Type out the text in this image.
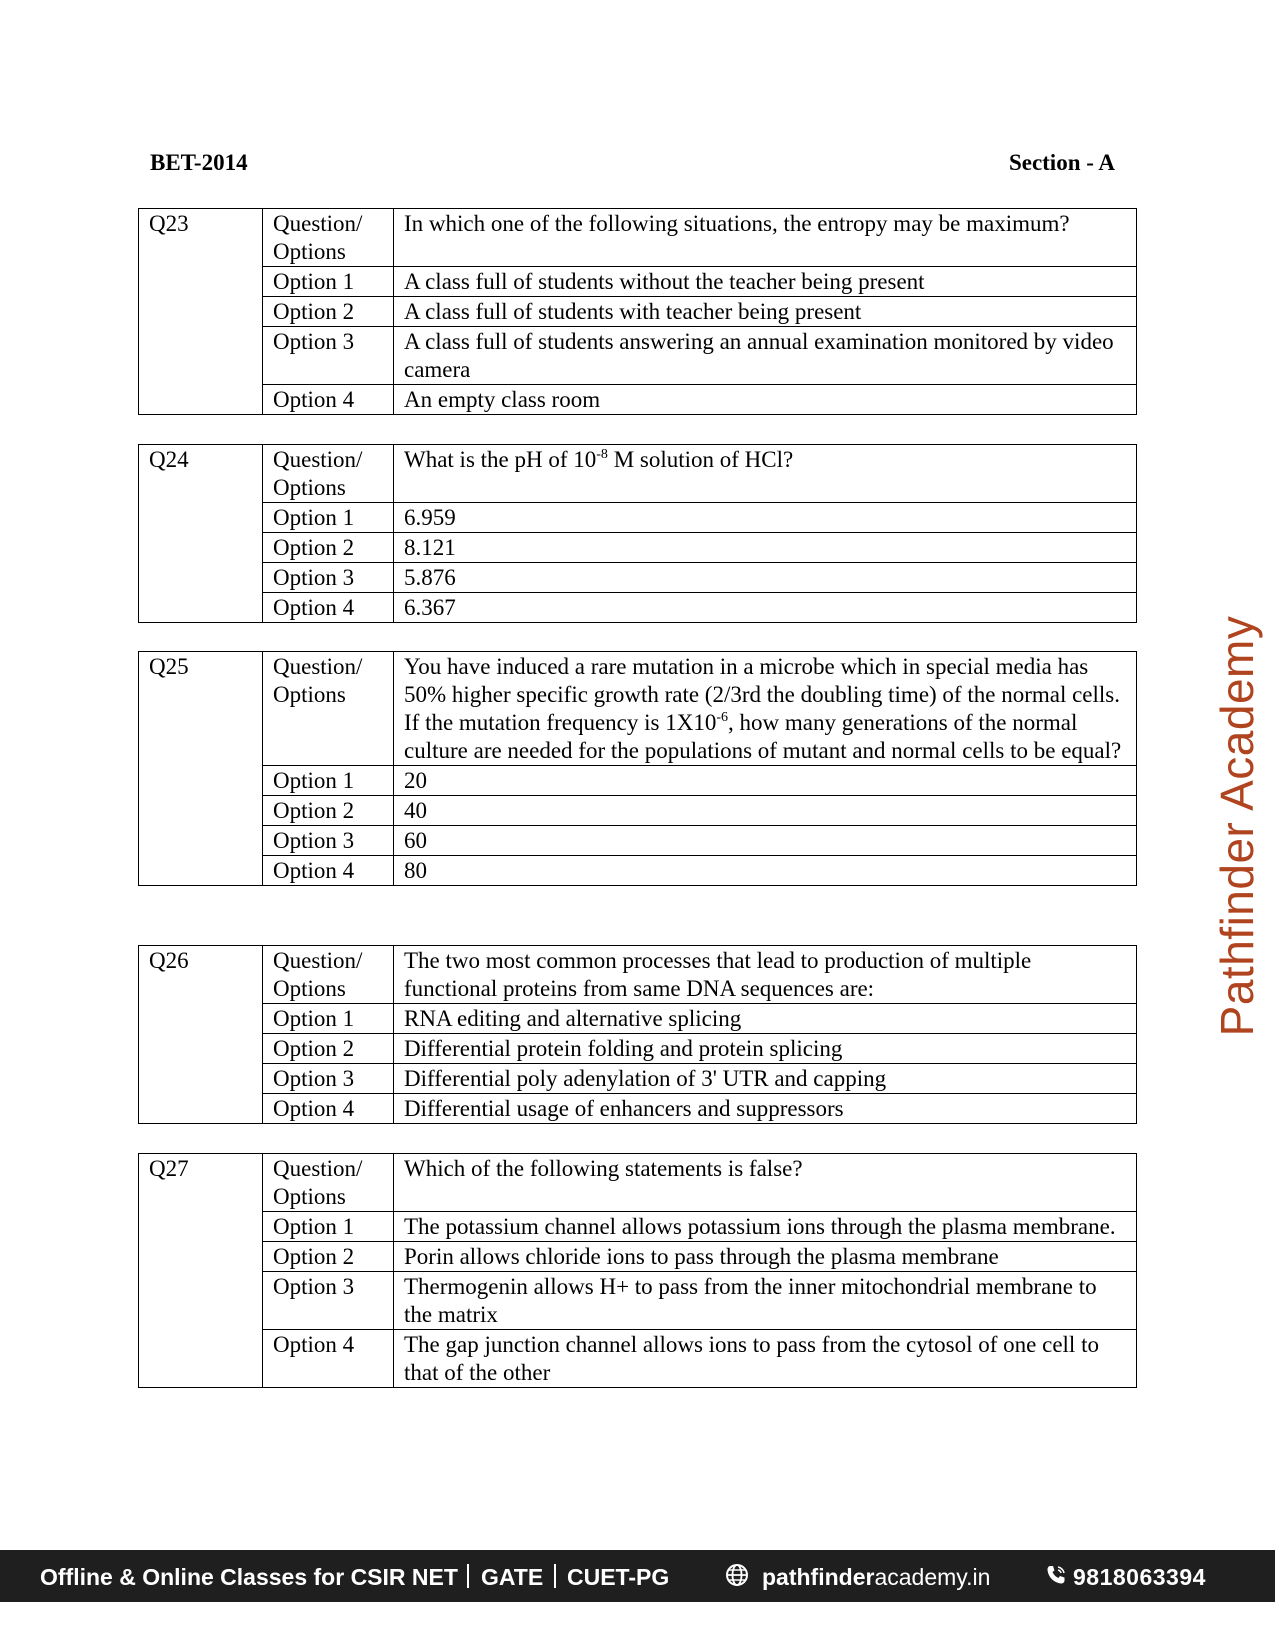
BET-2014	Section - A
Q23	Question/ Options	In which one of the following situations, the entropy may be maximum?
	Option 1	A class full of students without the teacher being present
	Option 2	A class full of students with teacher being present
	Option 3	A class full of students answering an annual examination monitored by video camera
	Option 4	An empty class room
Q24	Question/ Options	What is the pH of $10^{-8}$ M solution of HCl?
	Option 1	6.959
	Option 2	8.121
	Option 3	5.876
	Option 4	6.367
Q25	Question/ Options	You have induced a rare mutation in a microbe which in special media has 50% higher specific growth rate (2/3rd the doubling time) of the normal cells. If the mutation frequency is $1X10^{-6}$, how many generations of the normal culture are needed for the populations of mutant and normal cells to be equal?
	Option 1	20
	Option 2	40
	Option 3	60
	Option 4	80
Q26	Question/ Options	The two most common processes that lead to production of multiple functional proteins from same DNA sequences are:
	Option 1	RNA editing and alternative splicing
	Option 2	Differential protein folding and protein splicing
	Option 3	Differential poly adenylation of 3' UTR and capping
	Option 4	Differential usage of enhancers and suppressors
Q27	Question/ Options	Which of the following statements is false?
	Option 1	The potassium channel allows potassium ions through the plasma membrane.
	Option 2	Porin allows chloride ions to pass through the plasma membrane
	Option 3	Thermogenin allows H+ to pass from the inner mitochondrial membrane to the matrix
	Option 4	The gap junction channel allows ions to pass from the cytosol of one cell to that of the other
Pathfinder Academy
Offline & Online Classes for CSIR NET GATE CUET-PG	pathfinderacademy.in	9818063394
